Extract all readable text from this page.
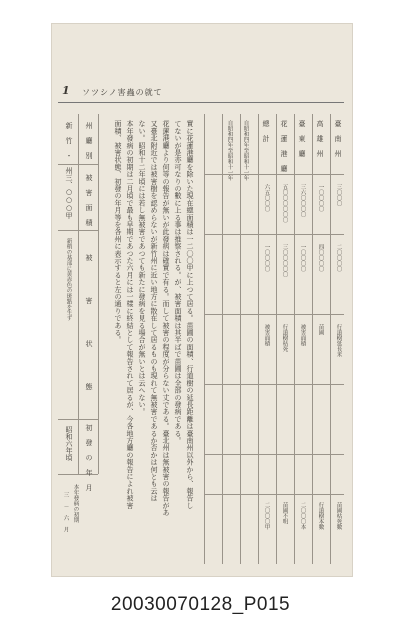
1 ソツシノ害蟲の就て
州 廳 別
被 害 面 積
被 害 状 態
初 發 の 年 月
新 竹 ・ 州
三、○○○甲
新梢の基部に黄赤色の斑點を生ず
昭和六年頃
本年發病の初期
三 － 六 月
面積、被害状態、初發の年月等を各州に表示すると左の通りである。 本年發病の初期は二月頃で最も早期であつた六月には一樣に終結として報告されて居るが、今各地方廳の報告によれ被害 ない。昭和十二年頃には若し無被害であつても新たに發病を見る場合が無いとは云へない。 又臺北附近では被害樹を認めらないが新竹州に近い地方に散在して居るものも現れて無被害であるか否かは何とも云は 花蓮港廳より何等の報告が無いが此發病は確實で有る。而して被害の程度が分らない丈である。臺北州は無被害の報告があ てないが是亦可なりの數に上る事は推察される。が、被害面積は其半ばで苗圃は全部の發病である。 實に花蓮港廳を除いた現在總面積は一二〇〇甲に上つて居る。苗圃の面積、行道樹の延長距離は臺南州以外から、報告し	臺 南 州
高 雄 州
臺 東 廳
花 蓮 港 廳
總 計
自昭和四年至昭和十一年
自昭和四年至昭和十一年
三〇〇〇
一〇〇〇〇
三六〇〇〇〇
五〇〇〇〇〇〇
六五〇〇〇
二〇〇〇〇
四〇〇〇〇
一〇〇〇〇
三〇〇〇〇〇
一〇〇〇〇
行道樹延長米
苗圃
被害面積
行道樹枯死
被害面積
苗圃枯死數
行道樹本數
二〇〇〇本
苗圃不明
二〇〇〇甲
20030070128_P015
